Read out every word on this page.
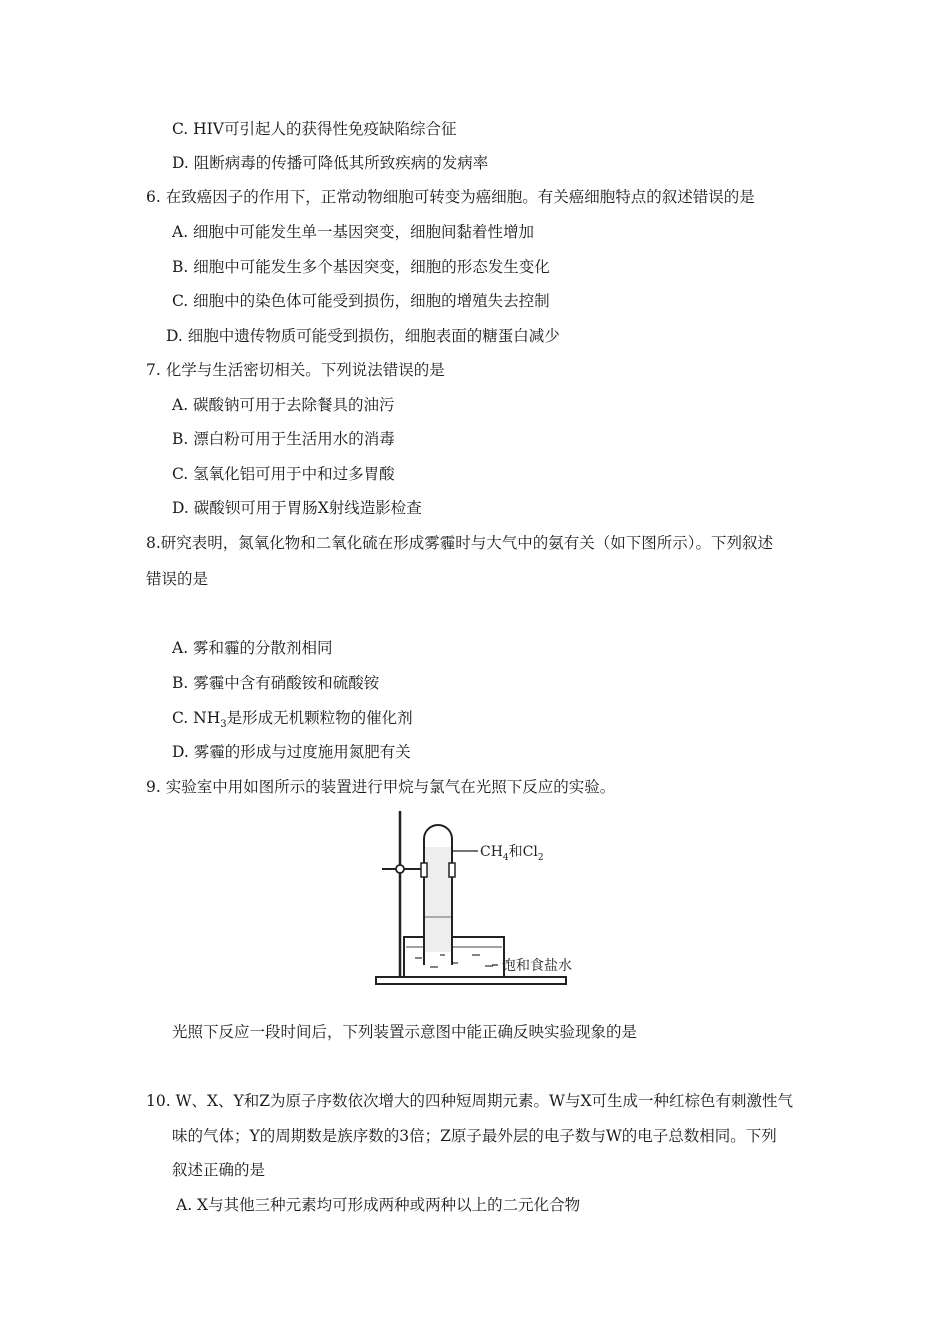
C. HIV可引起人的获得性免疫缺陷综合征
D. 阻断病毒的传播可降低其所致疾病的发病率
6. 在致癌因子的作用下，正常动物细胞可转变为癌细胞。有关癌细胞特点的叙述错误的是
A. 细胞中可能发生单一基因突变，细胞间黏着性增加
B. 细胞中可能发生多个基因突变，细胞的形态发生变化
C. 细胞中的染色体可能受到损伤，细胞的增殖失去控制
D. 细胞中遗传物质可能受到损伤，细胞表面的糖蛋白减少
7. 化学与生活密切相关。下列说法错误的是
A. 碳酸钠可用于去除餐具的油污
B. 漂白粉可用于生活用水的消毒
C. 氢氧化铝可用于中和过多胃酸
D. 碳酸钡可用于胃肠X射线造影检查
8.研究表明，氮氧化物和二氧化硫在形成雾霾时与大气中的氨有关（如下图所示）。下列叙述
错误的是
A. 雾和霾的分散剂相同
B. 雾霾中含有硝酸铵和硫酸铵
C. $NH_3$是形成无机颗粒物的催化剂
D. 雾霾的形成与过度施用氮肥有关
9. 实验室中用如图所示的装置进行甲烷与氯气在光照下反应的实验。
$CH_4$和$Cl_2$
饱和食盐水
光照下反应一段时间后，下列装置示意图中能正确反映实验现象的是
10. W、X、Y和Z为原子序数依次增大的四种短周期元素。W与X可生成一种红棕色有刺激性气
味的气体；Y的周期数是族序数的3倍；Z原子最外层的电子数与W的电子总数相同。下列
叙述正确的是
A. X与其他三种元素均可形成两种或两种以上的二元化合物
